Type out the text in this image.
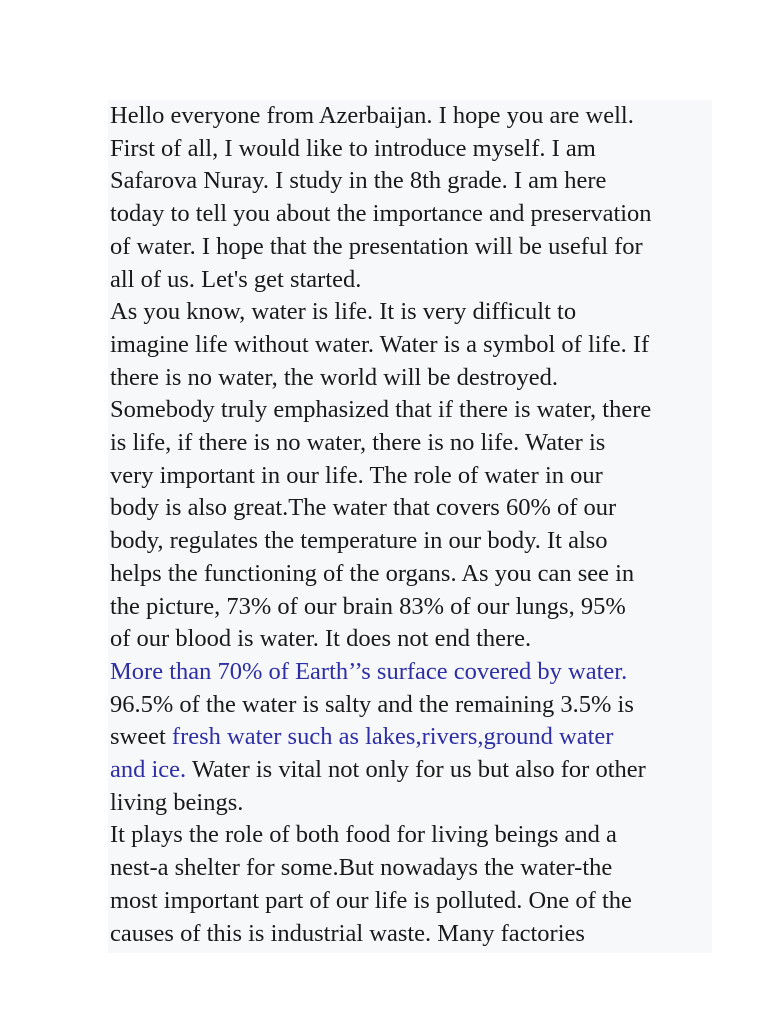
Hello everyone from Azerbaijan. I hope you are well.
First of all, I would like to introduce myself. I am
Safarova Nuray. I study in the 8th grade. I am here
today to tell you about the importance and preservation
of water. I hope that the presentation will be useful for
all of us. Let's get started.

As you know, water is life. It is very difficult to
imagine life without water. Water is a symbol of life. If
there is no water, the world will be destroyed.
Somebody truly emphasized that if there is water, there
is life, if there is no water, there is no life. Water is
very important in our life. The role of water in our
body is also great.The water that covers 60% of our
body, regulates the temperature in our body. It also
helps the functioning of the organs. As you can see in
the picture, 73% of our brain 83% of our lungs, 95%
of our blood is water. It does not end there.

More than 70% of Earth’’s surface covered by water.
96.5% of the water is salty and the remaining 3.5% is
sweet fresh water such as lakes,rivers,ground water
and ice. Water is vital not only for us but also for other
living beings.

It plays the role of both food for living beings and a
nest-a shelter for some.But nowadays the water-the
most important part of our life is polluted. One of the
causes of this is industrial waste. Many factories
